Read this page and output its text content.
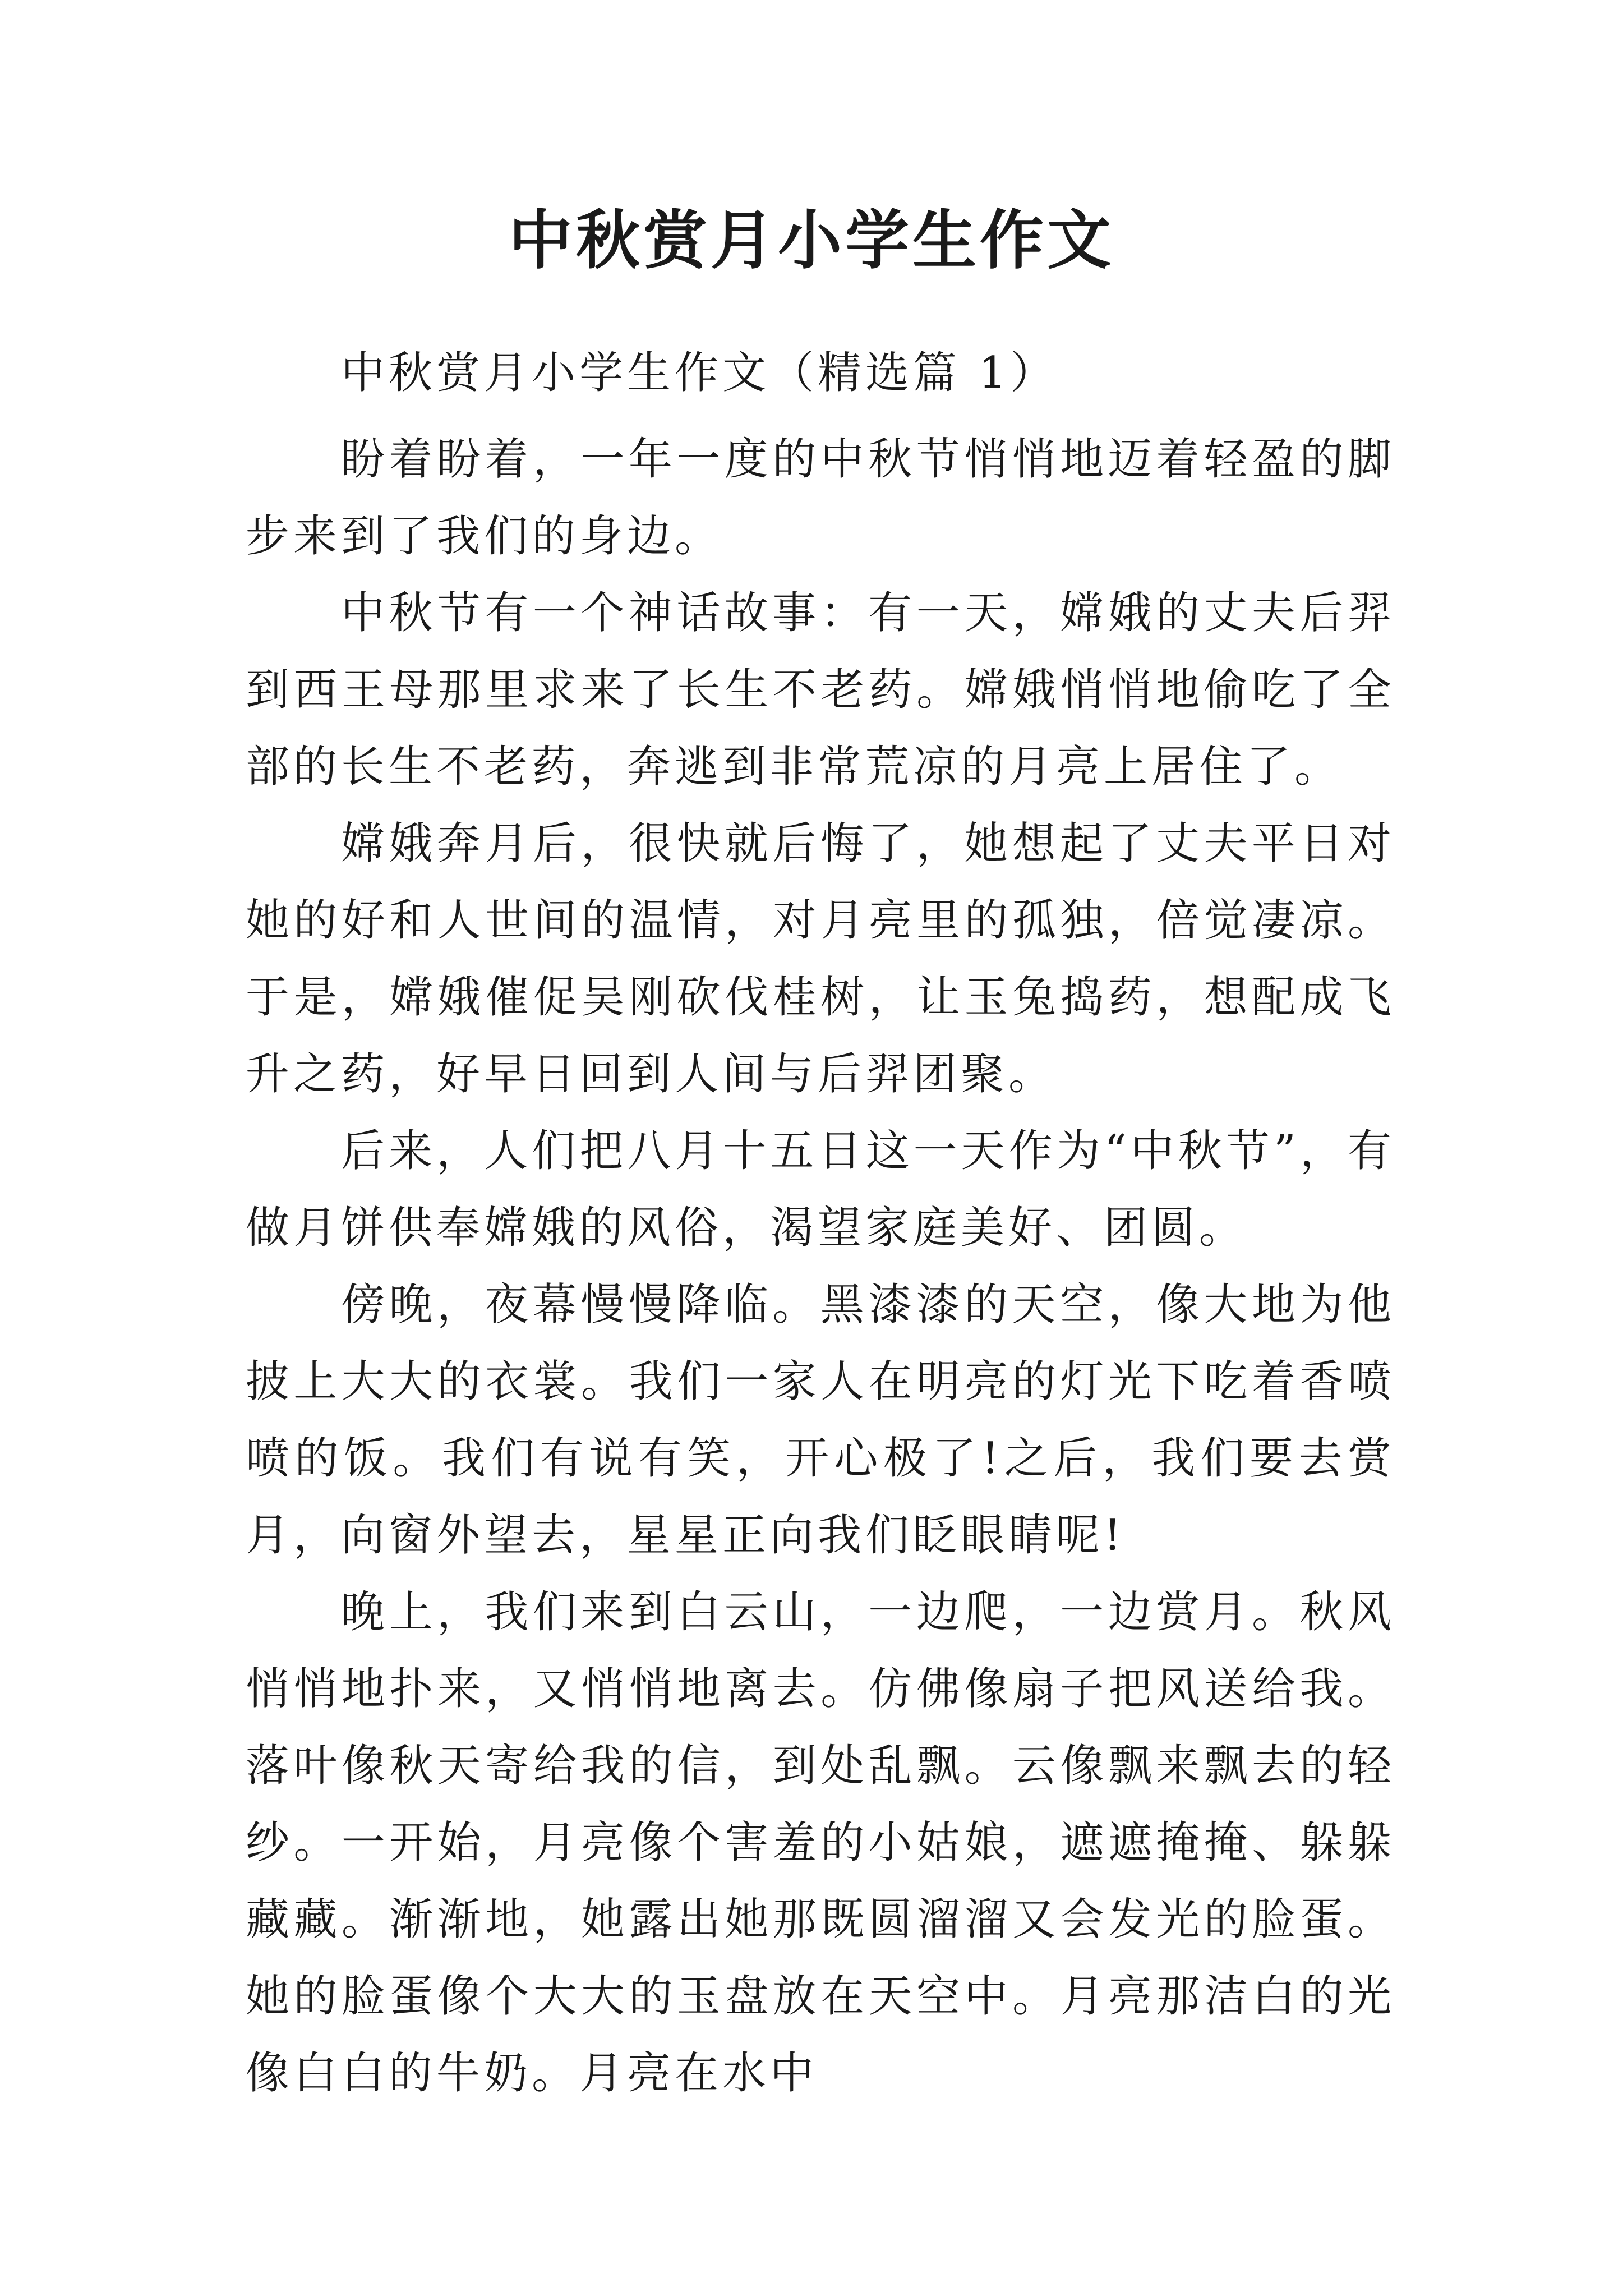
中秋赏月小学生作文

中秋赏月小学生作文（精选篇 1）

盼着盼着，一年一度的中秋节悄悄地迈着轻盈的脚步来到了我们的身边。

中秋节有一个神话故事：有一天，嫦娥的丈夫后羿到西王母那里求来了长生不老药。嫦娥悄悄地偷吃了全部的长生不老药，奔逃到非常荒凉的月亮上居住了。

嫦娥奔月后，很快就后悔了，她想起了丈夫平日对她的好和人世间的温情，对月亮里的孤独，倍觉凄凉。于是，嫦娥催促吴刚砍伐桂树，让玉兔捣药，想配成飞升之药，好早日回到人间与后羿团聚。

后来，人们把八月十五日这一天作为“中秋节”，有做月饼供奉嫦娥的风俗，渴望家庭美好、团圆。

傍晚，夜幕慢慢降临。黑漆漆的天空，像大地为他披上大大的衣裳。我们一家人在明亮的灯光下吃着香喷喷的饭。我们有说有笑，开心极了!之后，我们要去赏月，向窗外望去，星星正向我们眨眼睛呢!

晚上，我们来到白云山，一边爬，一边赏月。秋风悄悄地扑来，又悄悄地离去。仿佛像扇子把风送给我。落叶像秋天寄给我的信，到处乱飘。云像飘来飘去的轻纱。一开始，月亮像个害羞的小姑娘，遮遮掩掩、躲躲藏藏。渐渐地，她露出她那既圆溜溜又会发光的脸蛋。她的脸蛋像个大大的玉盘放在天空中。月亮那洁白的光像白白的牛奶。月亮在水中
